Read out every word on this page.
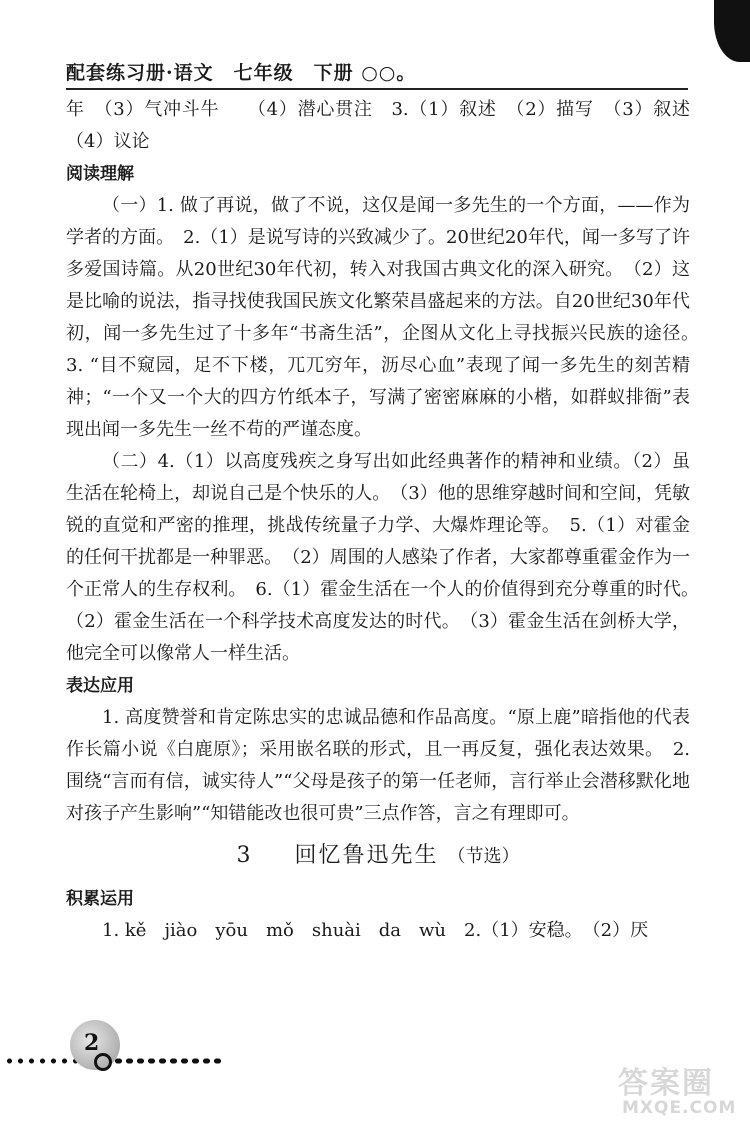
配套练习册·语文　七年级　下册 ○○。

年　（3）气冲斗牛　　（4）潜心贯注　3.（1）叙述　（2）描写　（3）叙述　（4）议论

阅读理解

（一）1. 做了再说，做了不说，这仅是闻一多先生的一个方面，——作为学者的方面。　2.（1）是说写诗的兴致减少了。20世纪20年代，闻一多写了许多爱国诗篇。从20世纪30年代初，转入对我国古典文化的深入研究。　（2）这是比喻的说法，指寻找使我国民族文化繁荣昌盛起来的方法。自20世纪30年代初，闻一多先生过了十多年“书斋生活”，企图从文化上寻找振兴民族的途径。　3. “目不窥园，足不下楼，兀兀穷年，沥尽心血”表现了闻一多先生的刻苦精神；“一个又一个大的四方竹纸本子，写满了密密麻麻的小楷，如群蚁排衙”表现出闻一多先生一丝不苟的严谨态度。

（二）4.（1）以高度残疾之身写出如此经典著作的精神和业绩。（2）虽生活在轮椅上，却说自己是个快乐的人。　（3）他的思维穿越时间和空间，凭敏锐的直觉和严密的推理，挑战传统量子力学、大爆炸理论等。　5.（1）对霍金的任何干扰都是一种罪恶。　（2）周围的人感染了作者，大家都尊重霍金作为一个正常人的生存权利。　6.（1）霍金生活在一个人的价值得到充分尊重的时代。　（2）霍金生活在一个科学技术高度发达的时代。　（3）霍金生活在剑桥大学，他完全可以像常人一样生活。

表达应用

1. 高度赞誉和肯定陈忠实的忠诚品德和作品高度。“原上鹿”暗指他的代表作长篇小说《白鹿原》；采用嵌名联的形式，且一再反复，强化表达效果。　2. 围绕“言而有信，诚实待人”“父母是孩子的第一任老师，言行举止会潜移默化地对孩子产生影响”“知错能改也很可贵”三点作答，言之有理即可。

3 　 回忆鲁迅先生 （节选）

积累运用

1. kě　jiào　yōu　mǒ　shuài　da　wù　2.（1）安稳。　（2）厌

2
答案圈
MXQE.COM
